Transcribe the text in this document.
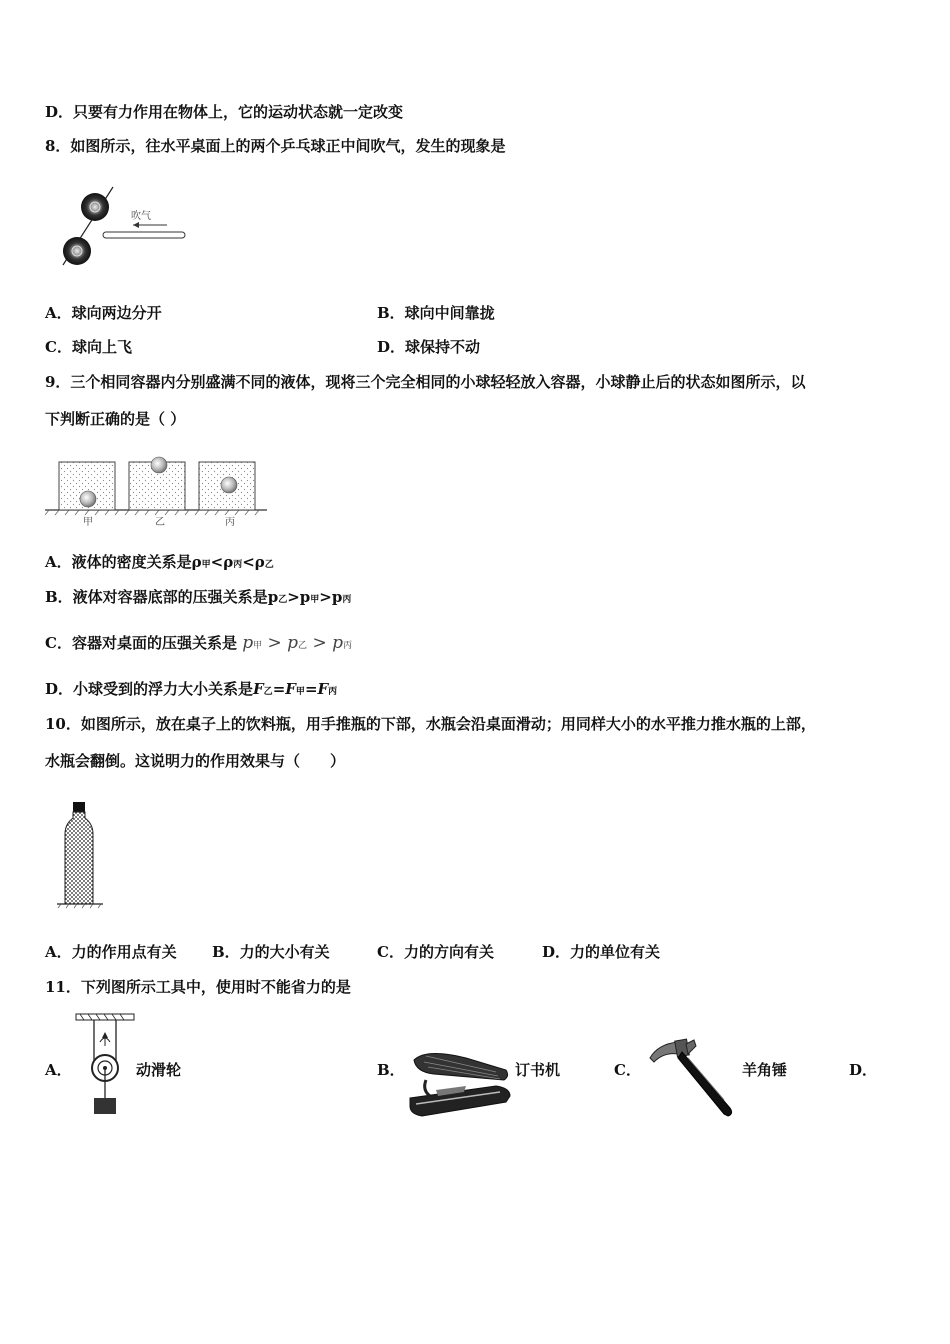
D．只要有力作用在物体上，它的运动状态就一定改变
8．如图所示，往水平桌面上的两个乒乓球正中间吹气，发生的现象是
吹气
A．球向两边分开	B．球向中间靠拢
C．球向上飞	D．球保持不动
9．三个相同容器内分别盛满不同的液体，现将三个完全相同的小球轻轻放入容器，小球静止后的状态如图所示，以
下判断正确的是（ ）
甲	乙	丙
A．液体的密度关系是ρ甲<ρ丙<ρ乙
B．液体对容器底部的压强关系是p乙>p甲>p丙
C．容器对桌面的压强关系是 p甲 > p乙 > p丙
D．小球受到的浮力大小关系是F乙=F甲=F丙
10．如图所示，放在桌子上的饮料瓶，用手推瓶的下部，水瓶会沿桌面滑动；用同样大小的水平推力推水瓶的上部，
水瓶会翻倒。这说明力的作用效果与（　　）
A．力的作用点有关 B．力的大小有关	C．力的方向有关	D．力的单位有关
11．下列图所示工具中，使用时不能省力的是
A．	动滑轮	B．	订书机	C．	羊角锤	D．
